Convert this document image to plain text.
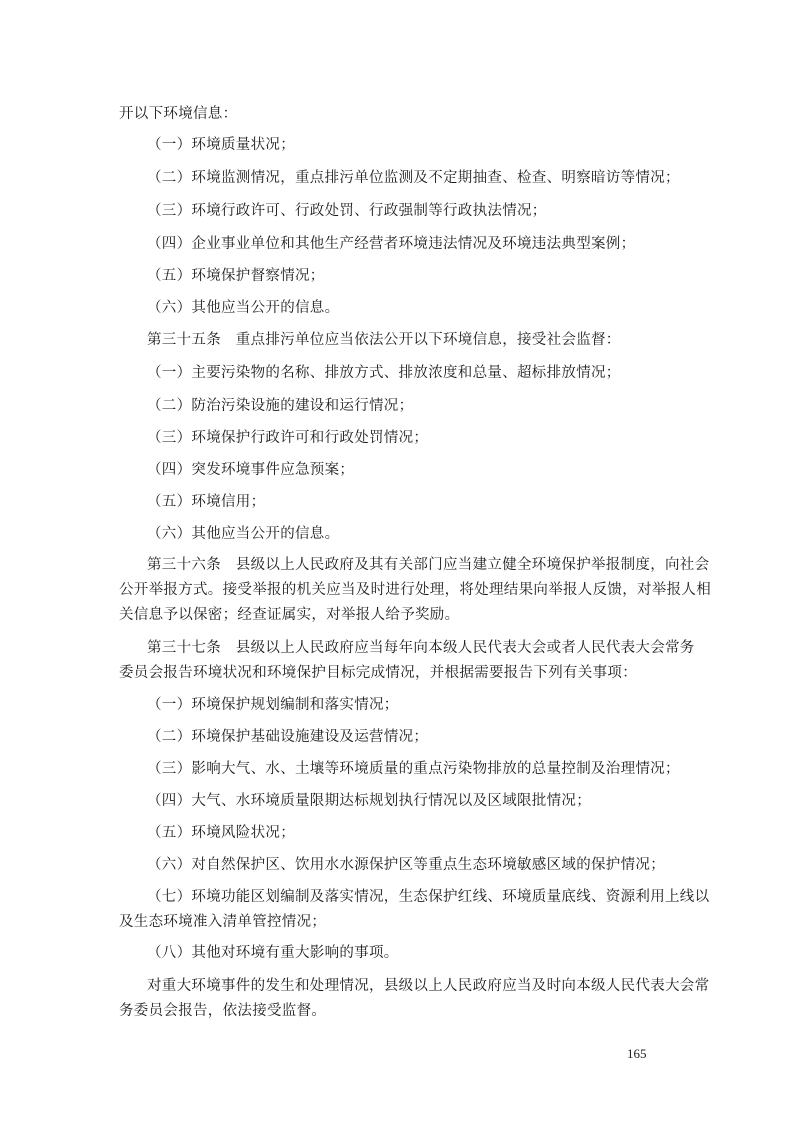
开以下环境信息：
（一）环境质量状况；
（二）环境监测情况，重点排污单位监测及不定期抽查、检查、明察暗访等情况；
（三）环境行政许可、行政处罚、行政强制等行政执法情况；
（四）企业事业单位和其他生产经营者环境违法情况及环境违法典型案例；
（五）环境保护督察情况；
（六）其他应当公开的信息。
第三十五条　重点排污单位应当依法公开以下环境信息，接受社会监督：
（一）主要污染物的名称、排放方式、排放浓度和总量、超标排放情况；
（二）防治污染设施的建设和运行情况；
（三）环境保护行政许可和行政处罚情况；
（四）突发环境事件应急预案；
（五）环境信用；
（六）其他应当公开的信息。
第三十六条　县级以上人民政府及其有关部门应当建立健全环境保护举报制度，向社会
公开举报方式。接受举报的机关应当及时进行处理，将处理结果向举报人反馈，对举报人相
关信息予以保密；经查证属实，对举报人给予奖励。
第三十七条　县级以上人民政府应当每年向本级人民代表大会或者人民代表大会常务
委员会报告环境状况和环境保护目标完成情况，并根据需要报告下列有关事项：
（一）环境保护规划编制和落实情况；
（二）环境保护基础设施建设及运营情况；
（三）影响大气、水、土壤等环境质量的重点污染物排放的总量控制及治理情况；
（四）大气、水环境质量限期达标规划执行情况以及区域限批情况；
（五）环境风险状况；
（六）对自然保护区、饮用水水源保护区等重点生态环境敏感区域的保护情况；
（七）环境功能区划编制及落实情况，生态保护红线、环境质量底线、资源利用上线以
及生态环境准入清单管控情况；
（八）其他对环境有重大影响的事项。
对重大环境事件的发生和处理情况，县级以上人民政府应当及时向本级人民代表大会常
务委员会报告，依法接受监督。
165
